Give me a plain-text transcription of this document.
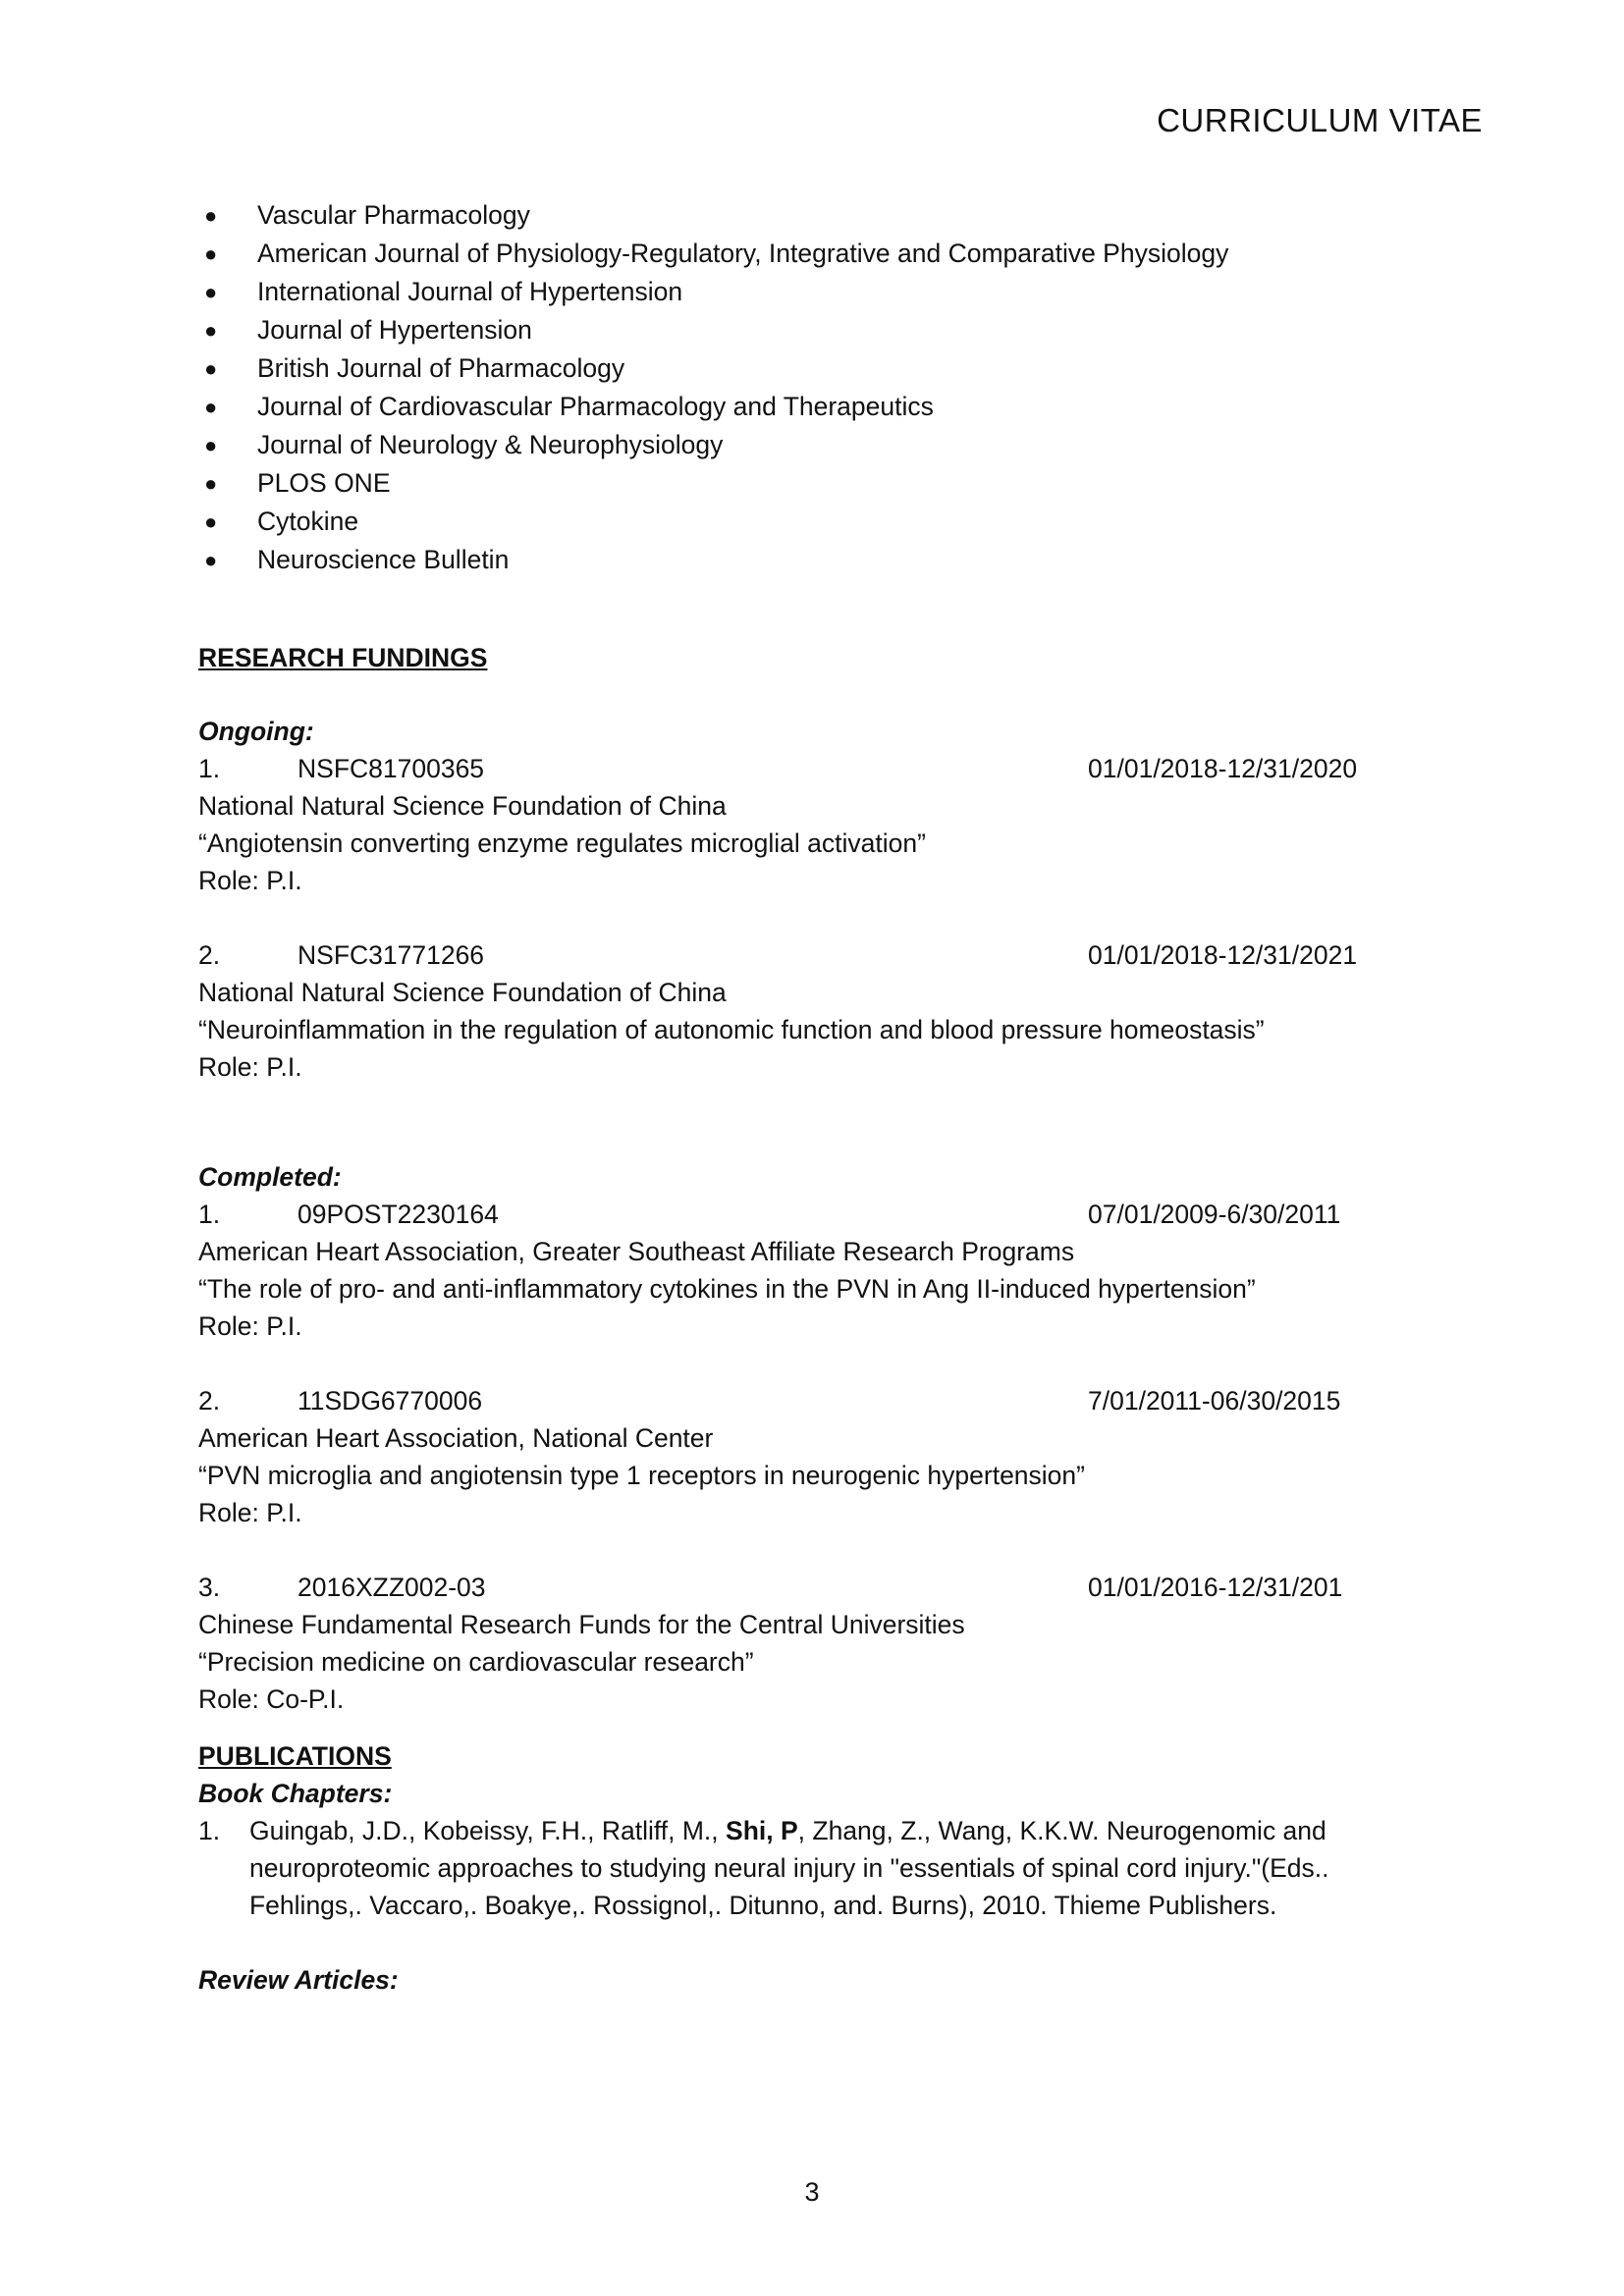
CURRICULUM VITAE
● Vascular Pharmacology
● American Journal of Physiology-Regulatory, Integrative and Comparative Physiology
● International Journal of Hypertension
● Journal of Hypertension
● British Journal of Pharmacology
● Journal of Cardiovascular Pharmacology and Therapeutics
● Journal of Neurology & Neurophysiology
● PLOS ONE
● Cytokine
● Neuroscience Bulletin
RESEARCH FUNDINGS
Ongoing:
1.	NSFC81700365	01/01/2018-12/31/2020
National Natural Science Foundation of China
“Angiotensin converting enzyme regulates microglial activation”
Role: P.I.
2.	NSFC31771266	01/01/2018-12/31/2021
National Natural Science Foundation of China
“Neuroinflammation in the regulation of autonomic function and blood pressure homeostasis”
Role: P.I.
Completed:
1.	09POST2230164	07/01/2009-6/30/2011
American Heart Association, Greater Southeast Affiliate Research Programs
“The role of pro- and anti-inflammatory cytokines in the PVN in Ang II-induced hypertension”
Role: P.I.
2.	11SDG6770006	7/01/2011-06/30/2015
American Heart Association, National Center
“PVN microglia and angiotensin type 1 receptors in neurogenic hypertension”
Role: P.I.
3.	2016XZZ002-03	01/01/2016-12/31/201
Chinese Fundamental Research Funds for the Central Universities
“Precision medicine on cardiovascular research”
Role: Co-P.I.
PUBLICATIONS
Book Chapters:
1. Guingab, J.D., Kobeissy, F.H., Ratliff, M., Shi, P, Zhang, Z., Wang, K.K.W. Neurogenomic and
neuroproteomic approaches to studying neural injury in "essentials of spinal cord injury."(Eds..
Fehlings,. Vaccaro,. Boakye,. Rossignol,. Ditunno, and. Burns), 2010. Thieme Publishers.
Review Articles:
3
